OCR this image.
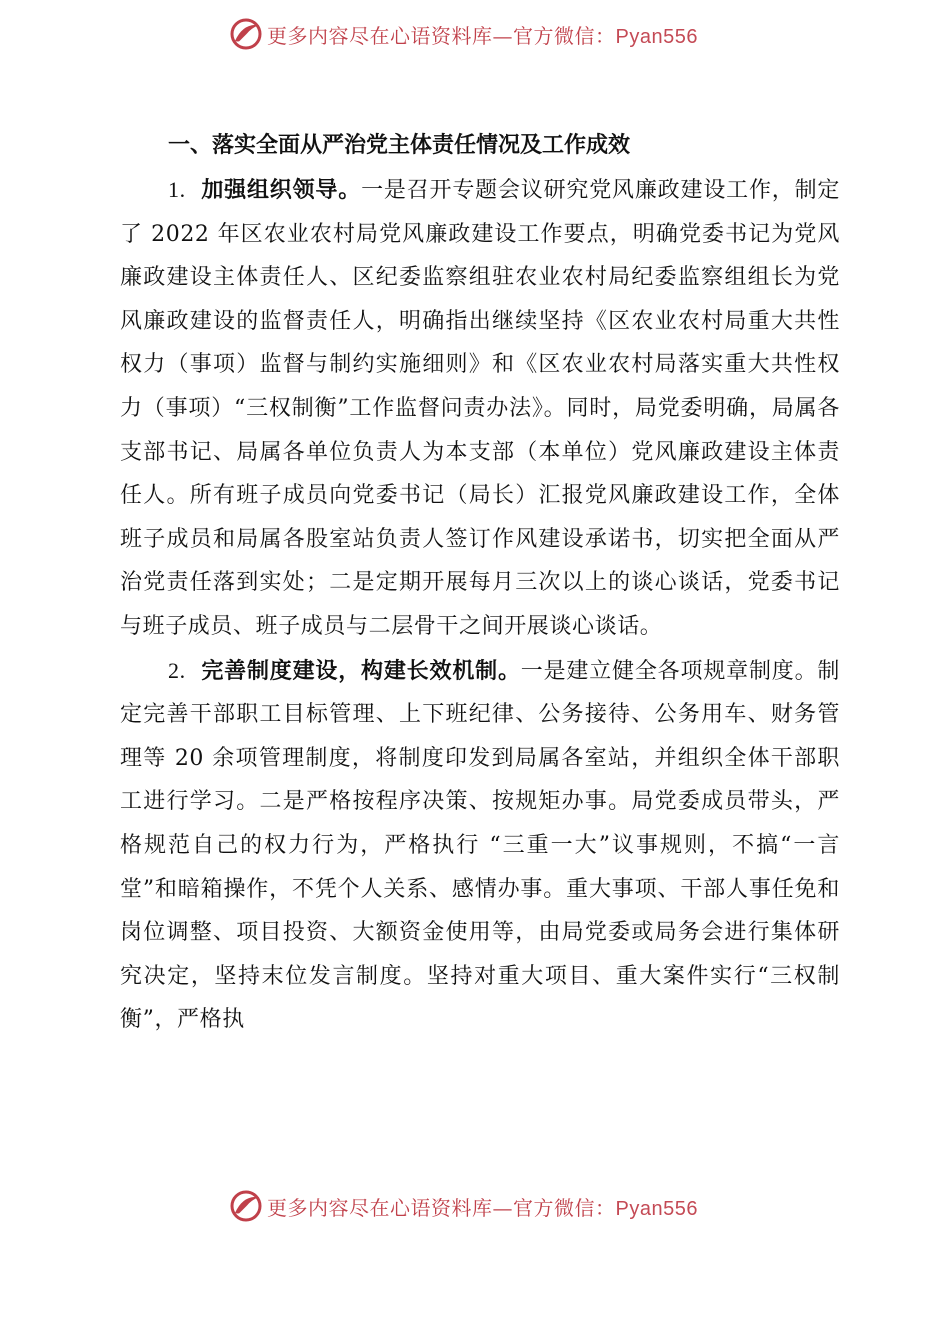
更多内容尽在心语资料库—官方微信：Pyan556
一、落实全面从严治党主体责任情况及工作成效

1. 加强组织领导。一是召开专题会议研究党风廉政建设工作，制定了 2022 年区农业农村局党风廉政建设工作要点，明确党委书记为党风廉政建设主体责任人、区纪委监察组驻农业农村局纪委监察组组长为党风廉政建设的监督责任人，明确指出继续坚持《区农业农村局重大共性权力（事项）监督与制约实施细则》和《区农业农村局落实重大共性权力（事项）“三权制衡”工作监督问责办法》。同时，局党委明确，局属各支部书记、局属各单位负责人为本支部（本单位）党风廉政建设主体责任人。所有班子成员向党委书记（局长）汇报党风廉政建设工作，全体班子成员和局属各股室站负责人签订作风建设承诺书，切实把全面从严治党责任落到实处；二是定期开展每月三次以上的谈心谈话，党委书记与班子成员、班子成员与二层骨干之间开展谈心谈话。

2. 完善制度建设，构建长效机制。一是建立健全各项规章制度。制定完善干部职工目标管理、上下班纪律、公务接待、公务用车、财务管理等 20 余项管理制度，将制度印发到局属各室站，并组织全体干部职工进行学习。二是严格按程序决策、按规矩办事。局党委成员带头，严格规范自己的权力行为，严格执行 “三重一大”议事规则，不搞“一言堂”和暗箱操作，不凭个人关系、感情办事。重大事项、干部人事任免和岗位调整、项目投资、大额资金使用等，由局党委或局务会进行集体研究决定，坚持末位发言制度。坚持对重大项目、重大案件实行“三权制衡”，严格执

更多内容尽在心语资料库—官方微信：Pyan556
